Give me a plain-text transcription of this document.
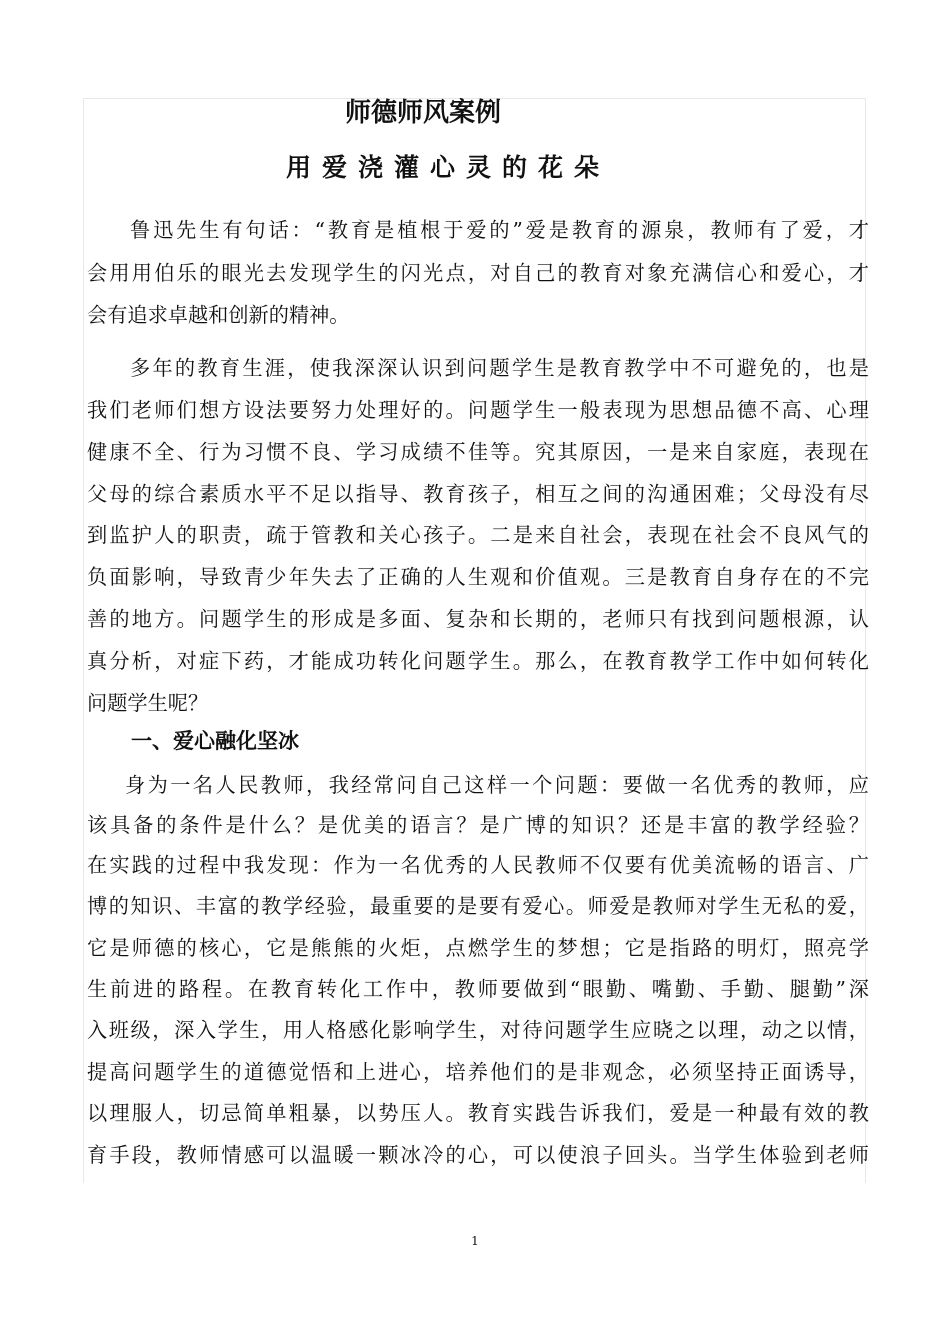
师德师风案例
用爱浇灌心灵的花朵
鲁迅先生有句话：“教育是植根于爱的”爱是教育的源泉，教师有了爱，才
会用用伯乐的眼光去发现学生的闪光点，对自己的教育对象充满信心和爱心，才
会有追求卓越和创新的精神。
多年的教育生涯，使我深深认识到问题学生是教育教学中不可避免的，也是
我们老师们想方设法要努力处理好的。问题学生一般表现为思想品德不高、心理
健康不全、行为习惯不良、学习成绩不佳等。究其原因，一是来自家庭，表现在
父母的综合素质水平不足以指导、教育孩子，相互之间的沟通困难；父母没有尽
到监护人的职责，疏于管教和关心孩子。二是来自社会，表现在社会不良风气的
负面影响，导致青少年失去了正确的人生观和价值观。三是教育自身存在的不完
善的地方。问题学生的形成是多面、复杂和长期的，老师只有找到问题根源，认
真分析，对症下药，才能成功转化问题学生。那么，在教育教学工作中如何转化
问题学生呢？
一、爱心融化坚冰
身为一名人民教师，我经常问自己这样一个问题：要做一名优秀的教师，应
该具备的条件是什么？是优美的语言？是广博的知识？还是丰富的教学经验？
在实践的过程中我发现：作为一名优秀的人民教师不仅要有优美流畅的语言、广
博的知识、丰富的教学经验，最重要的是要有爱心。师爱是教师对学生无私的爱，
它是师德的核心，它是熊熊的火炬，点燃学生的梦想；它是指路的明灯，照亮学
生前进的路程。在教育转化工作中，教师要做到“眼勤、嘴勤、手勤、腿勤”深
入班级，深入学生，用人格感化影响学生，对待问题学生应晓之以理，动之以情，
提高问题学生的道德觉悟和上进心，培养他们的是非观念，必须坚持正面诱导，
以理服人，切忌简单粗暴，以势压人。教育实践告诉我们，爱是一种最有效的教
育手段，教师情感可以温暖一颗冰冷的心，可以使浪子回头。当学生体验到老师
1
